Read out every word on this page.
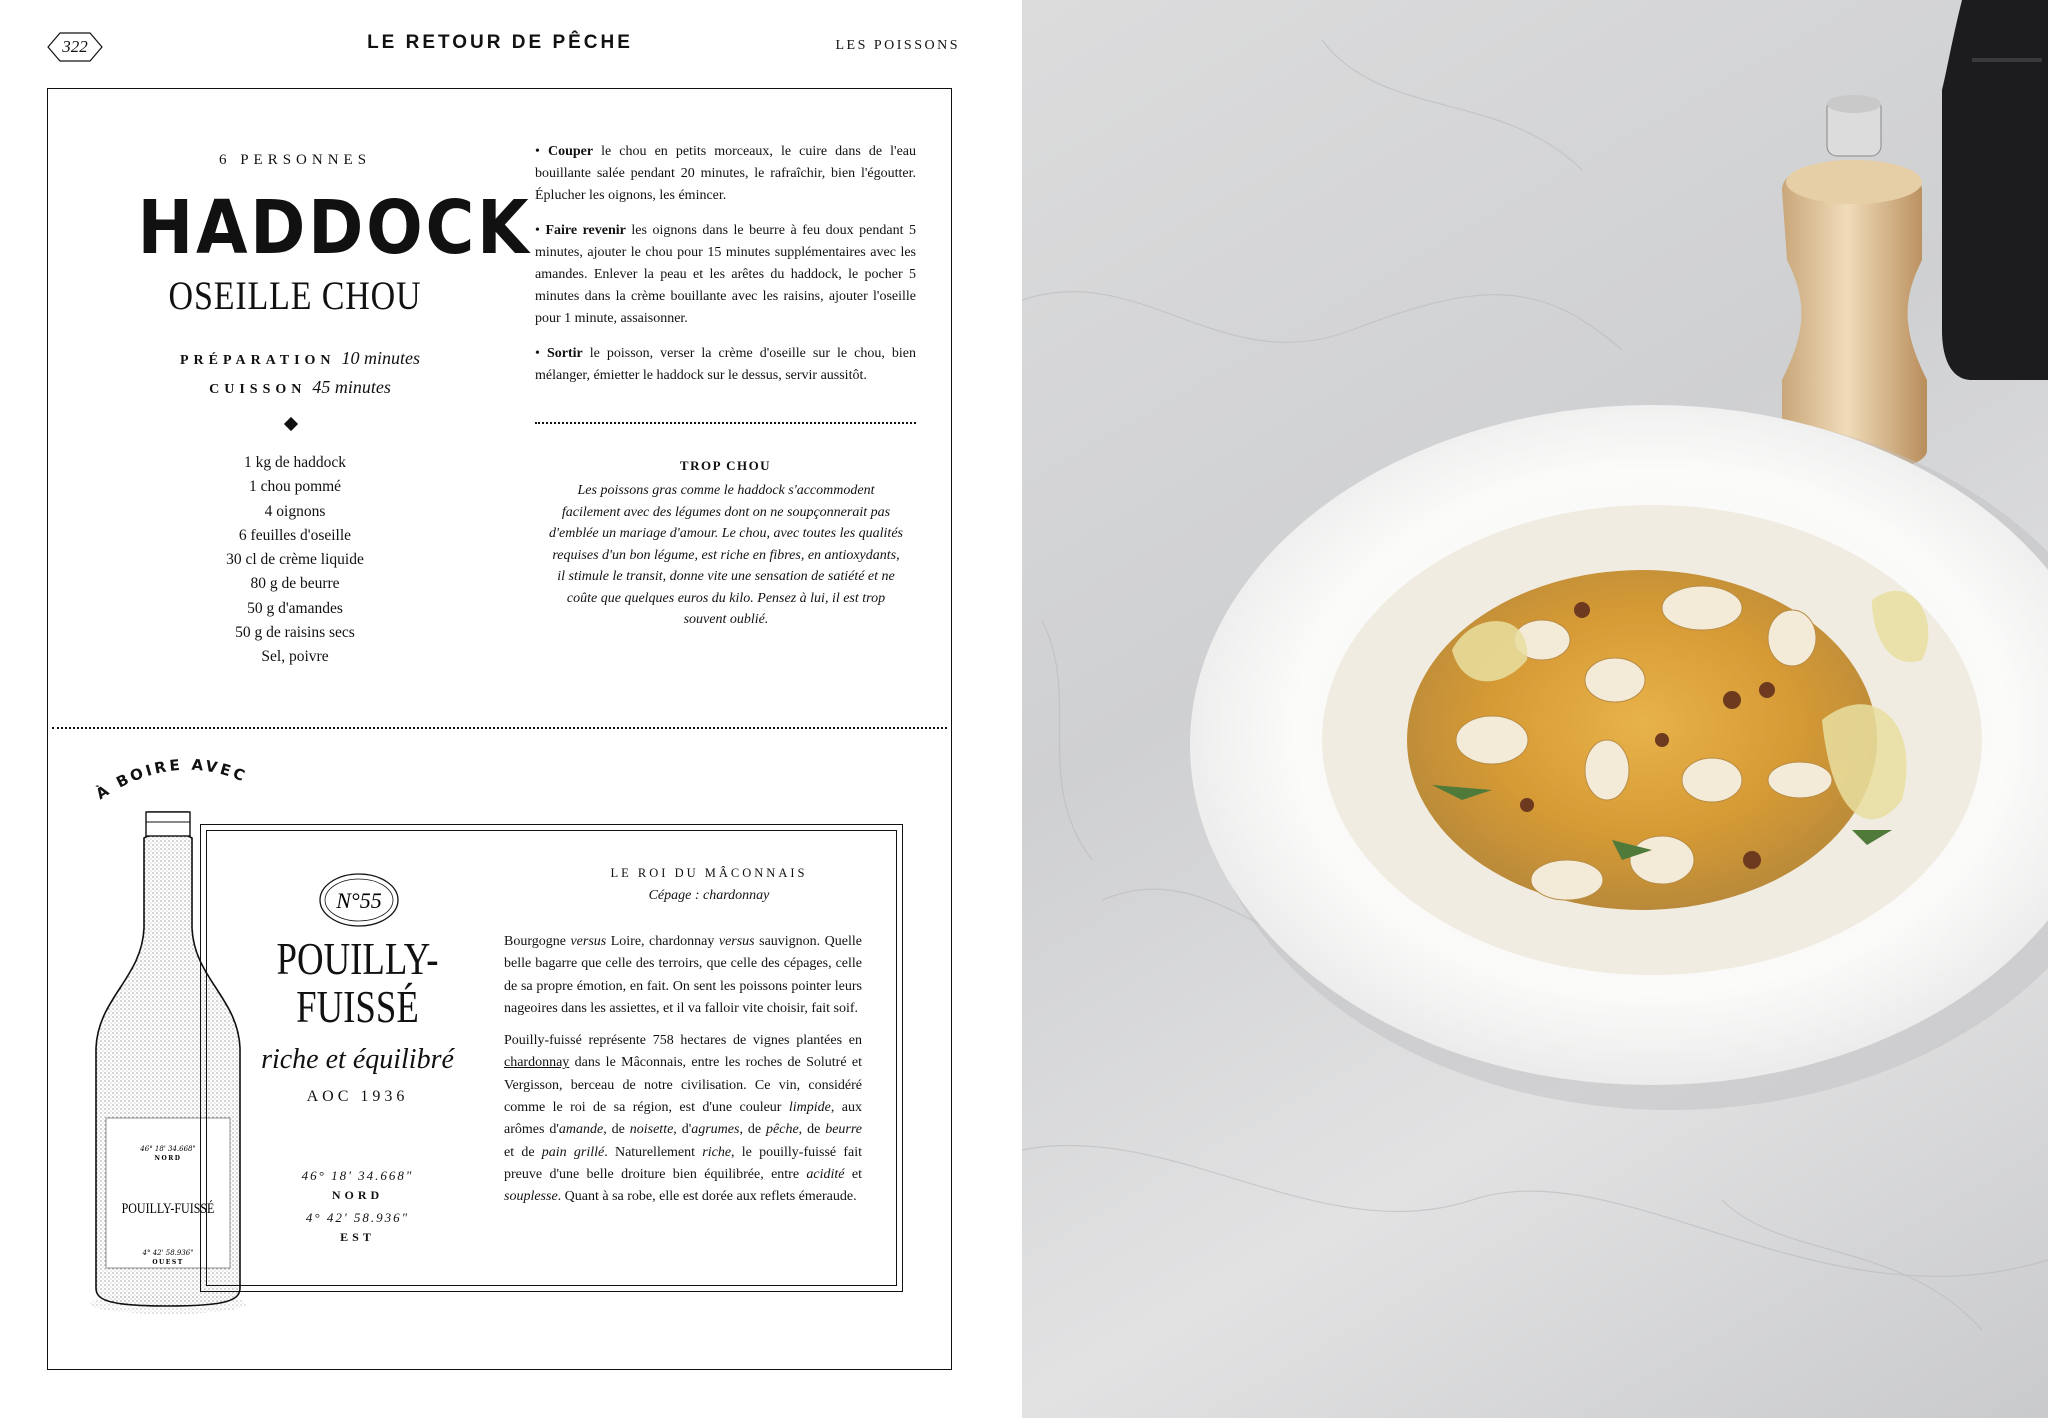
322	LE RETOUR DE PÊCHE	LES POISSONS
6 PERSONNES
HADDOCK
OSEILLE CHOU
PRÉPARATION 10 minutes
CUISSON 45 minutes
1 kg de haddock
1 chou pommé
4 oignons
6 feuilles d'oseille
30 cl de crème liquide
80 g de beurre
50 g d'amandes
50 g de raisins secs
Sel, poivre

• Couper le chou en petits morceaux, le cuire dans de l'eau bouillante salée pendant 20 minutes, le rafraîchir, bien l'égoutter. Éplucher les oignons, les émincer.

• Faire revenir les oignons dans le beurre à feu doux pendant 5 minutes, ajouter le chou pour 15 minutes supplémentaires avec les amandes. Enlever la peau et les arêtes du haddock, le pocher 5 minutes dans la crème bouillante avec les raisins, ajouter l'oseille pour 1 minute, assaisonner.

• Sortir le poisson, verser la crème d'oseille sur le chou, bien mélanger, émietter le haddock sur le dessus, servir aussitôt.

TROP CHOU
Les poissons gras comme le haddock s'accommodent facilement avec des légumes dont on ne soupçonnerait pas d'emblée un mariage d'amour. Le chou, avec toutes les qualités requises d'un bon légume, est riche en fibres, en antioxydants, il stimule le transit, donne vite une sensation de satiété et ne coûte que quelques euros du kilo. Pensez à lui, il est trop souvent oublié.
À BOIRE AVEC
46° 18' 34.668"
NORD
POUILLY-FUISSÉ
4° 42' 58.936"
OUEST
N°55
POUILLY-
FUISSÉ
riche et équilibré
AOC 1936
46° 18' 34.668"
NORD
4° 42' 58.936"
EST
LE ROI DU MÂCONNAIS
Cépage : chardonnay

Bourgogne versus Loire, chardonnay versus sauvignon. Quelle belle bagarre que celle des terroirs, que celle des cépages, celle de sa propre émotion, en fait. On sent les poissons pointer leurs nageoires dans les assiettes, et il va falloir vite choisir, fait soif.

Pouilly-fuissé représente 758 hectares de vignes plantées en chardonnay dans le Mâconnais, entre les roches de Solutré et Vergisson, berceau de notre civilisation. Ce vin, considéré comme le roi de sa région, est d'une couleur limpide, aux arômes d'amande, de noisette, d'agrumes, de pêche, de beurre et de pain grillé. Naturellement riche, le pouilly-fuissé fait preuve d'une belle droiture bien équilibrée, entre acidité et souplesse. Quant à sa robe, elle est dorée aux reflets émeraude.
